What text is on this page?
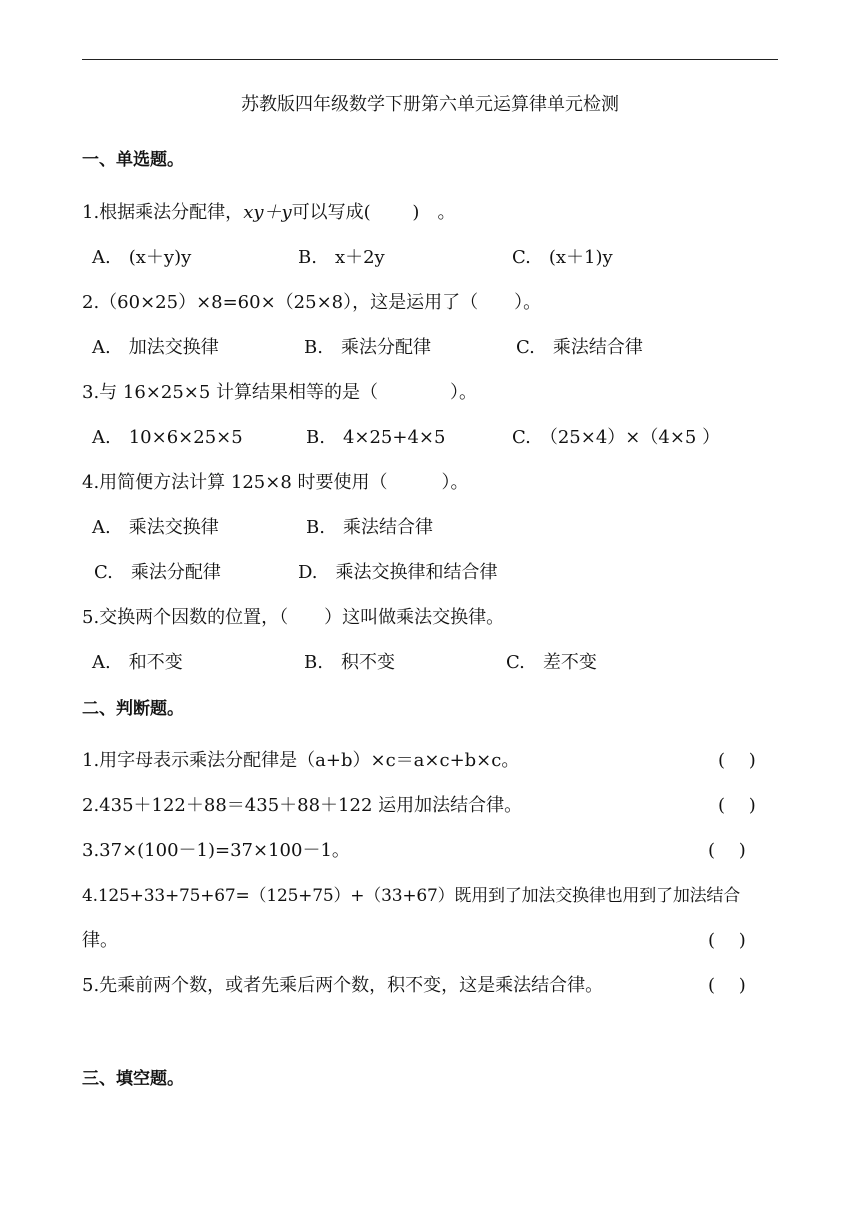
苏教版四年级数学下册第六单元运算律单元检测
一、单选题。
1.根据乘法分配律，xy＋y可以写成(　　 )　。
A.　(x＋y)y	B.　x＋2y	C.　(x＋1)y
2.（60×25）×8=60×（25×8），这是运用了（　　）。
A.　加法交换律	B.　乘法分配律	C.　乘法结合律
3.与 16×25×5 计算结果相等的是（　　　　）。
A.　10×6×25×5	B.　4×25+4×5	C.　（25×4）×（4×5 ）
4.用简便方法计算 125×8 时要使用（　　　）。
A.　乘法交换律	B.　乘法结合律
C.　乘法分配律	D.　乘法交换律和结合律
5.交换两个因数的位置，（　　）这叫做乘法交换律。
A.　和不变	B.　积不变	C.　差不变
二、判断题。
1.用字母表示乘法分配律是（a+b）×c＝a×c+b×c。	(　 )
2.435＋122＋88＝435＋88＋122 运用加法结合律。	(　 )
3.37×(100－1)=37×100－1。	(　 )
4.125+33+75+67=（125+75）+（33+67）既用到了加法交换律也用到了加法结合
律。	(　 )
5.先乘前两个数，或者先乘后两个数，积不变，这是乘法结合律。	(　 )
三、填空题。
